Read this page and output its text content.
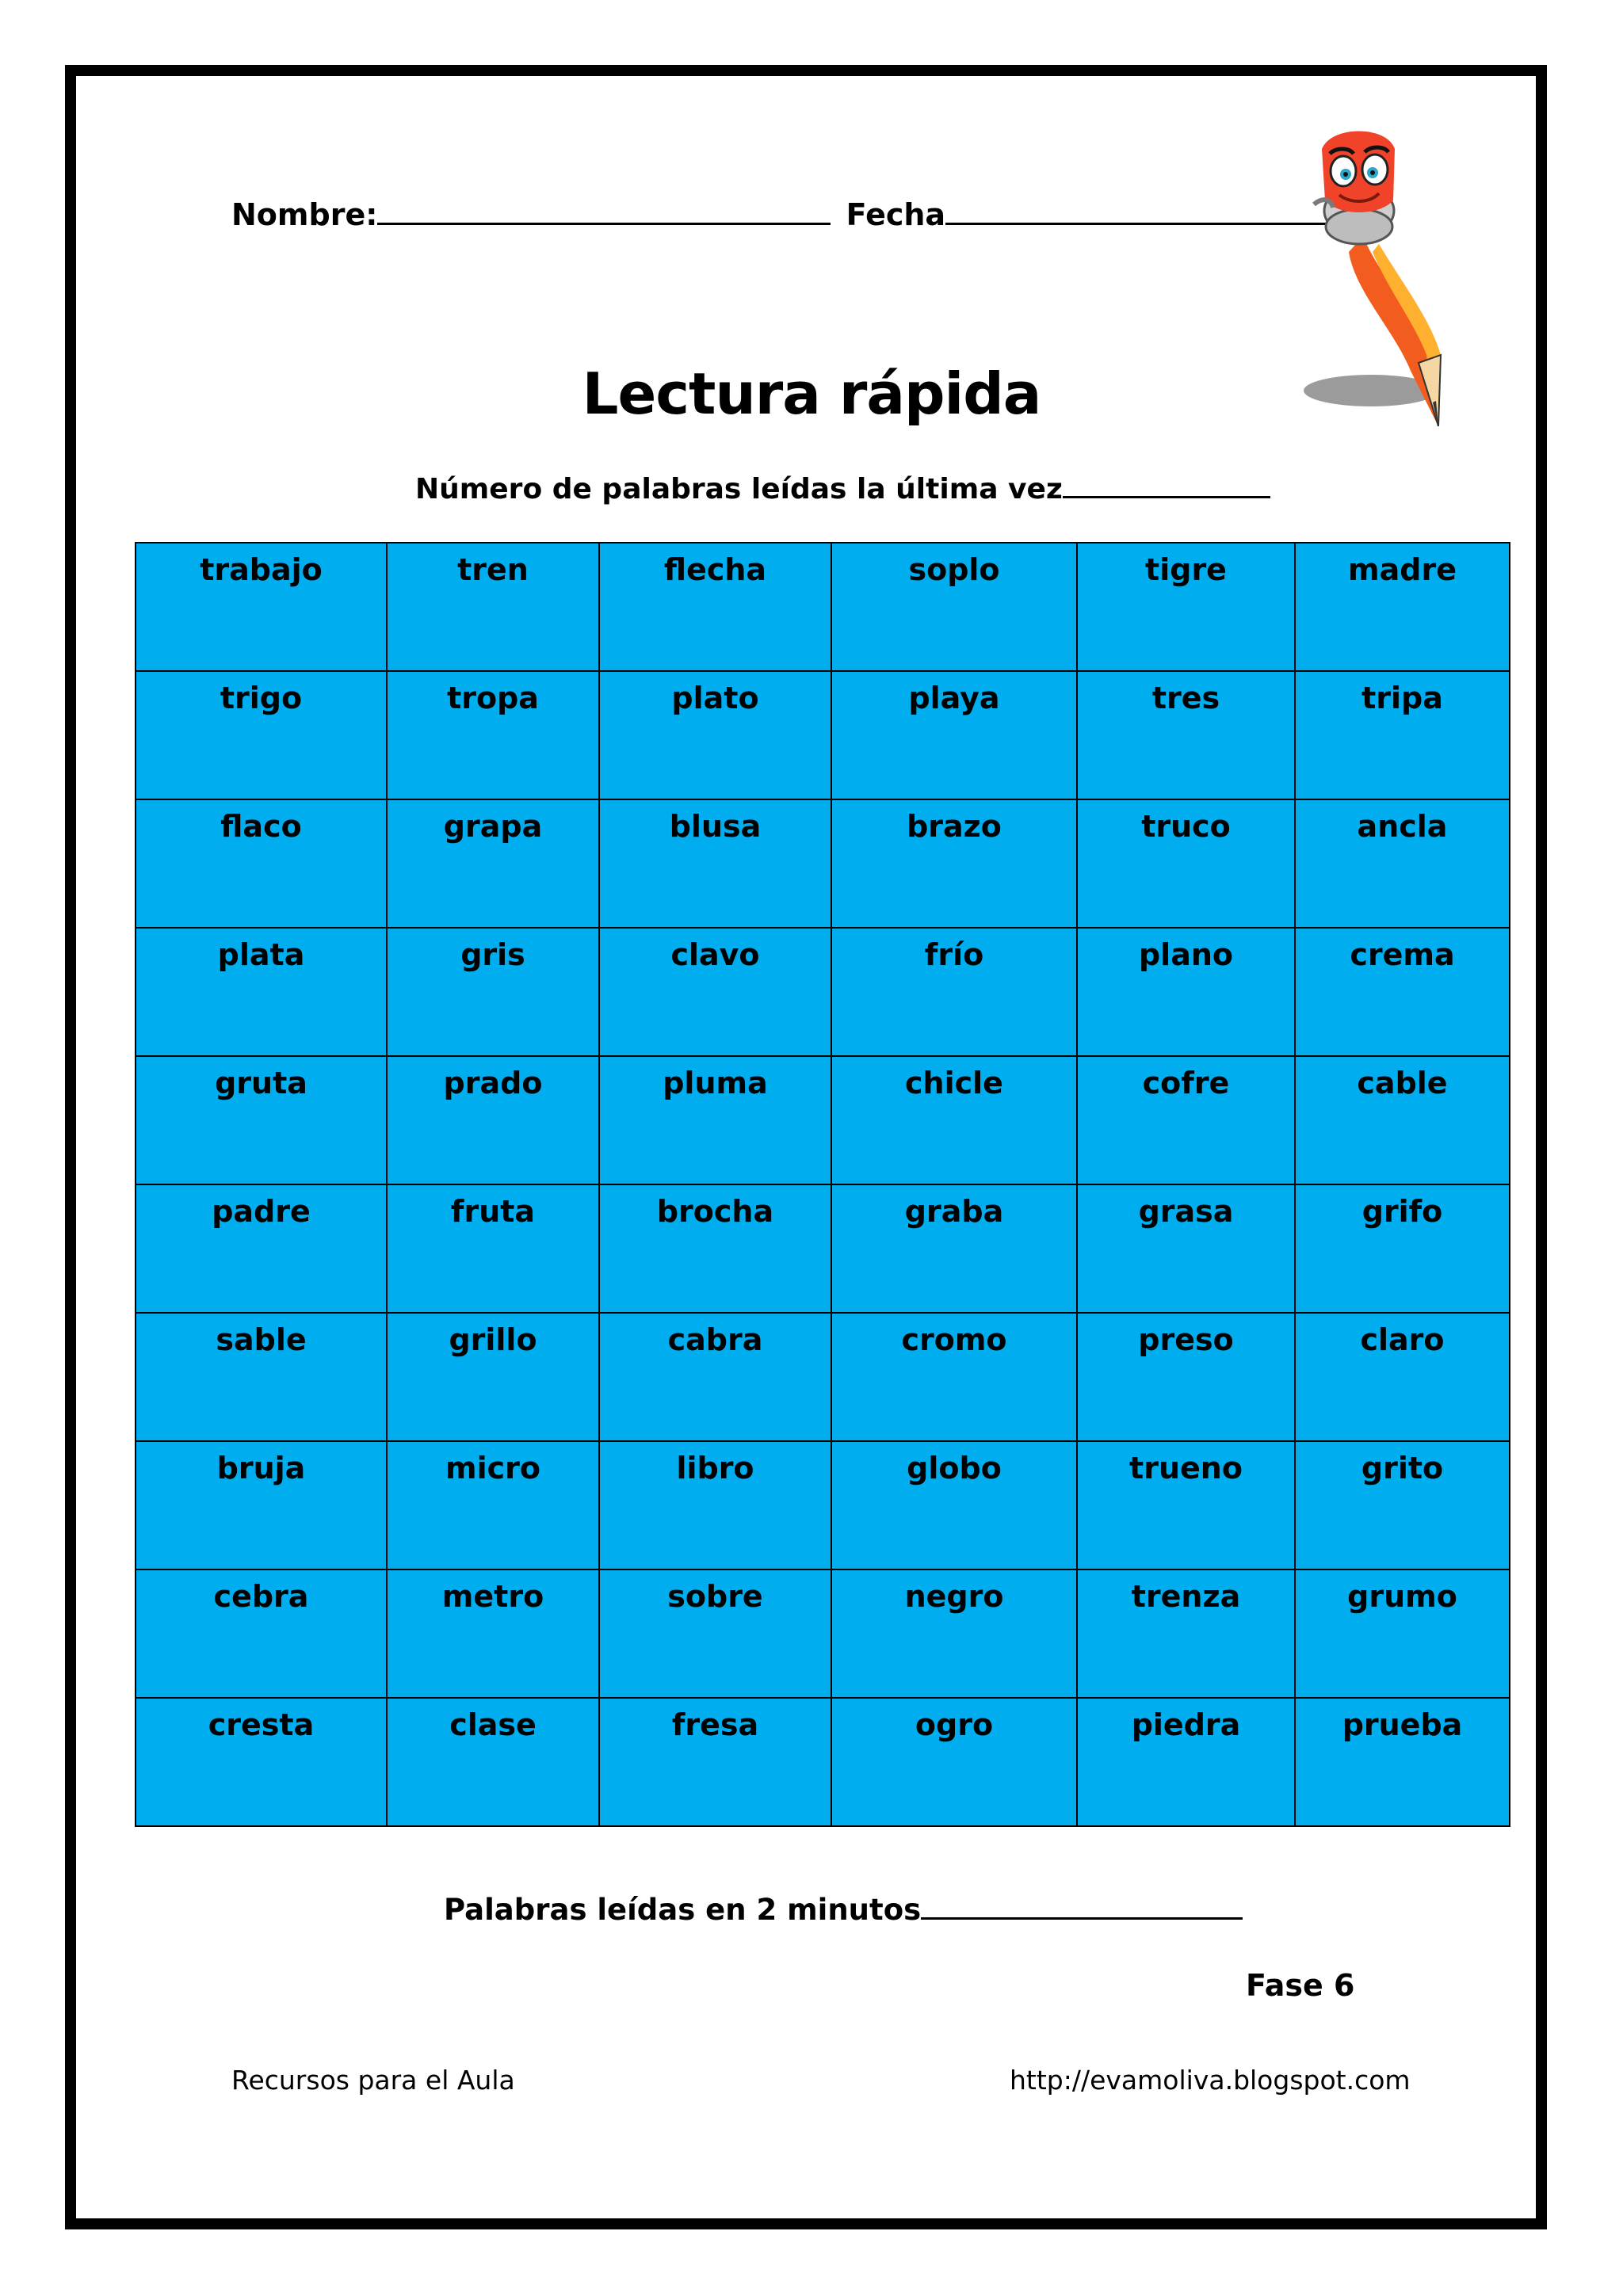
Nombre:	Fecha
Lectura rápida
Número de palabras leídas la última vez
trabajo	tren	flecha	soplo	tigre	madre
trigo	tropa	plato	playa	tres	tripa
flaco	grapa	blusa	brazo	truco	ancla
plata	gris	clavo	frío	plano	crema
gruta	prado	pluma	chicle	cofre	cable
padre	fruta	brocha	graba	grasa	grifo
sable	grillo	cabra	cromo	preso	claro
bruja	micro	libro	globo	trueno	grito
cebra	metro	sobre	negro	trenza	grumo
cresta	clase	fresa	ogro	piedra	prueba
Palabras leídas en 2 minutos
Fase 6
Recursos para el Aula	http://evamoliva.blogspot.com
